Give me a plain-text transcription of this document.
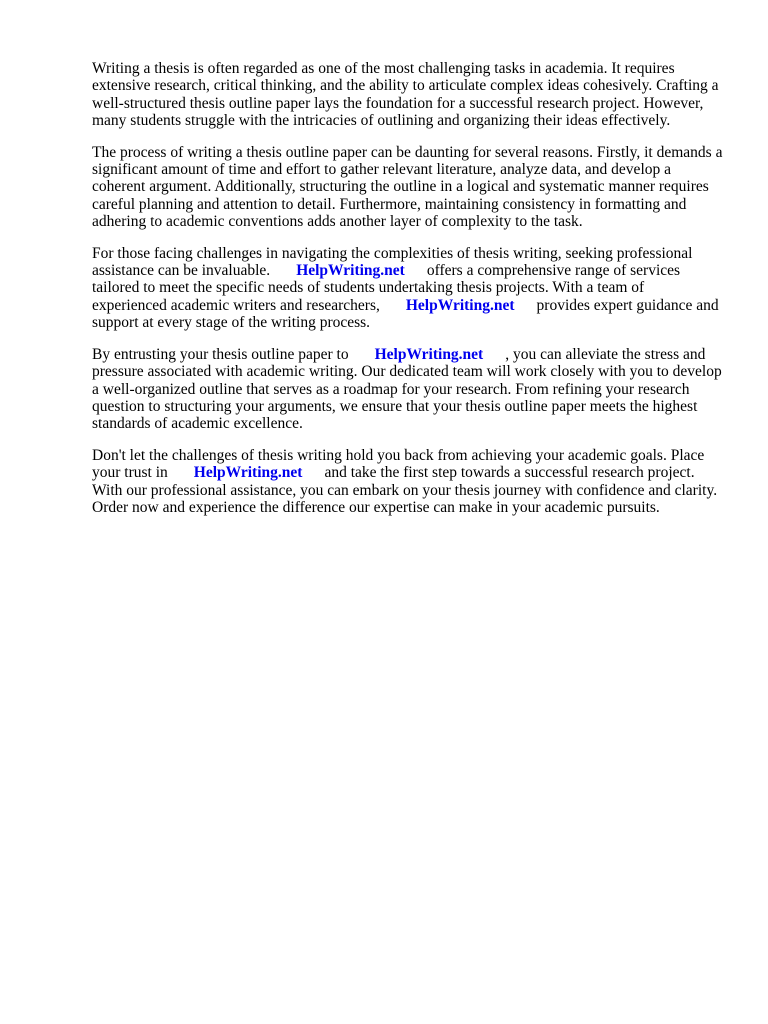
Writing a thesis is often regarded as one of the most challenging tasks in academia. It requires
extensive research, critical thinking, and the ability to articulate complex ideas cohesively. Crafting a
well-structured thesis outline paper lays the foundation for a successful research project. However,
many students struggle with the intricacies of outlining and organizing their ideas effectively.

The process of writing a thesis outline paper can be daunting for several reasons. Firstly, it demands a
significant amount of time and effort to gather relevant literature, analyze data, and develop a
coherent argument. Additionally, structuring the outline in a logical and systematic manner requires
careful planning and attention to detail. Furthermore, maintaining consistency in formatting and
adhering to academic conventions adds another layer of complexity to the task.

For those facing challenges in navigating the complexities of thesis writing, seeking professional
assistance can be invaluable. HelpWriting.net offers a comprehensive range of services
tailored to meet the specific needs of students undertaking thesis projects. With a team of
experienced academic writers and researchers, HelpWriting.net provides expert guidance and
support at every stage of the writing process.

By entrusting your thesis outline paper to HelpWriting.net , you can alleviate the stress and
pressure associated with academic writing. Our dedicated team will work closely with you to develop
a well-organized outline that serves as a roadmap for your research. From refining your research
question to structuring your arguments, we ensure that your thesis outline paper meets the highest
standards of academic excellence.

Don't let the challenges of thesis writing hold you back from achieving your academic goals. Place
your trust in HelpWriting.net and take the first step towards a successful research project.
With our professional assistance, you can embark on your thesis journey with confidence and clarity.
Order now and experience the difference our expertise can make in your academic pursuits.
